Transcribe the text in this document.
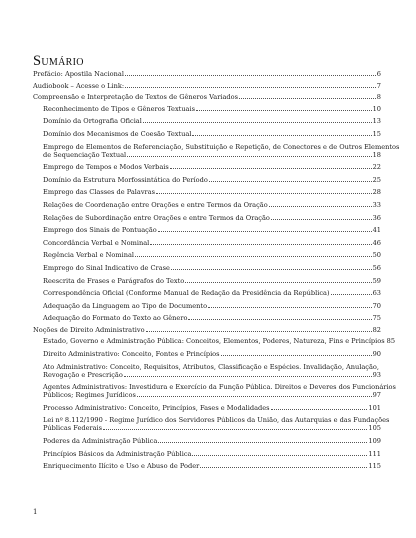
Sumário
Prefácio: Apostila Nacional	6
Audiobook – Acesse o Link:	7
Compreensão e Interpretação de Textos de Gêneros Variados	8
Reconhecimento de Tipos e Gêneros Textuais	10
Domínio da Ortografia Oficial	13
Domínio dos Mecanismos de Coesão Textual	15
Emprego de Elementos de Referenciação, Substituição e Repetição, de Conectores e de Outros Elementos
de Sequenciação Textual	18
Emprego de Tempos e Modos Verbais	22
Domínio da Estrutura Morfossintática do Período	25
Emprego das Classes de Palavras	28
Relações de Coordenação entre Orações e entre Termos da Oração	33
Relações de Subordinação entre Orações e entre Termos da Oração	36
Emprego dos Sinais de Pontuação	41
Concordância Verbal e Nominal	46
Regência Verbal e Nominal	50
Emprego do Sinal Indicativo de Crase	56
Reescrita de Frases e Parágrafos do Texto	59
Correspondência Oficial (Conforme Manual de Redação da Presidência da República)	63
Adequação da Linguagem ao Tipo de Documento	70
Adequação do Formato do Texto ao Gênero	75
Noções de Direito Administrativo	82
Estado, Governo e Administração Pública: Conceitos, Elementos, Poderes, Natureza, Fins e Princípios 85
Direito Administrativo: Conceito, Fontes e Princípios	90
Ato Administrativo: Conceito, Requisitos, Atributos, Classificação e Espécies. Invalidação, Anulação,
Revogação e Prescrição	93
Agentes Administrativos: Investidura e Exercício da Função Pública. Direitos e Deveres dos Funcionários
Públicos; Regimes Jurídicos	97
Processo Administrativo: Conceito, Princípios, Fases e Modalidades	101
Lei nº 8.112/1990 - Regime Jurídico dos Servidores Públicos da União, das Autarquias e das Fundações
Públicas Federais	105
Poderes da Administração Pública	109
Princípios Básicos da Administração Pública	111
Enriquecimento Ilícito e Uso e Abuso de Poder	115
1
